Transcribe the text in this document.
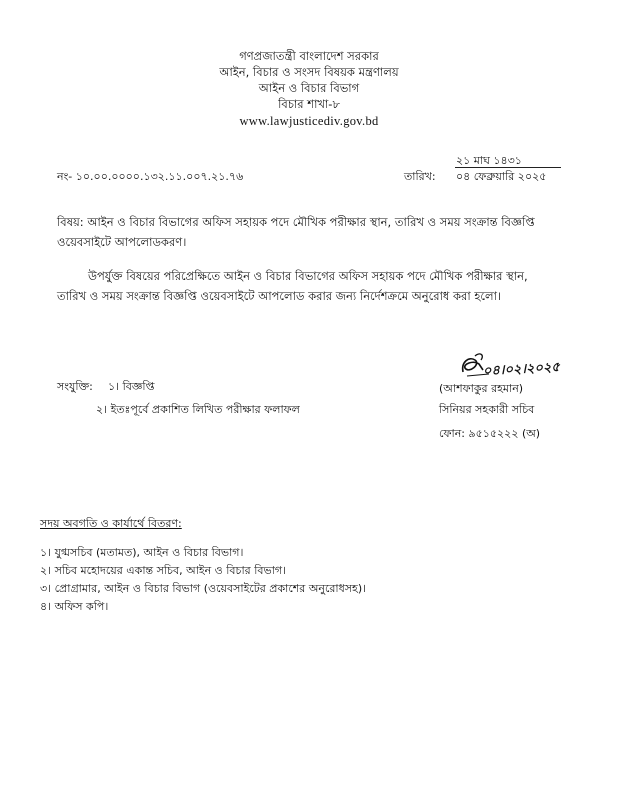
গণপ্রজাতন্ত্রী বাংলাদেশ সরকার
আইন, বিচার ও সংসদ বিষয়ক মন্ত্রণালয়
আইন ও বিচার বিভাগ
বিচার শাখা-৮
www.lawjusticediv.gov.bd
২১ মাঘ ১৪৩১
নং- ১০.০০.০০০০.১৩২.১১.০০৭.২১.৭৬	তারিখ: ০৪ ফেব্রুয়ারি ২০২৫
বিষয়: আইন ও বিচার বিভাগের অফিস সহায়ক পদে মৌখিক পরীক্ষার স্থান, তারিখ ও সময় সংক্রান্ত বিজ্ঞপ্তি
ওয়েবসাইটে আপলোডকরণ।
উপর্যুক্ত বিষয়ের পরিপ্রেক্ষিতে আইন ও বিচার বিভাগের অফিস সহায়ক পদে মৌখিক পরীক্ষার স্থান,
তারিখ ও সময় সংক্রান্ত বিজ্ঞপ্তি ওয়েবসাইটে আপলোড করার জন্য নির্দেশক্রমে অনুরোধ করা হলো।
০৪।০২।২০২৫
সংযুক্তি: ১। বিজ্ঞপ্তি
২। ইতঃপূর্বে প্রকাশিত লিখিত পরীক্ষার ফলাফল
(আশফাকুর রহমান)
সিনিয়র সহকারী সচিব
ফোন: ৯৫১৫২২২ (অ)
সদয় অবগতি ও কার্যার্থে বিতরণ:
১। যুগ্মসচিব (মতামত), আইন ও বিচার বিভাগ।
২। সচিব মহোদয়ের একান্ত সচিব, আইন ও বিচার বিভাগ।
৩। প্রোগ্রামার, আইন ও বিচার বিভাগ (ওয়েবসাইটের প্রকাশের অনুরোধসহ)।
৪। অফিস কপি।
